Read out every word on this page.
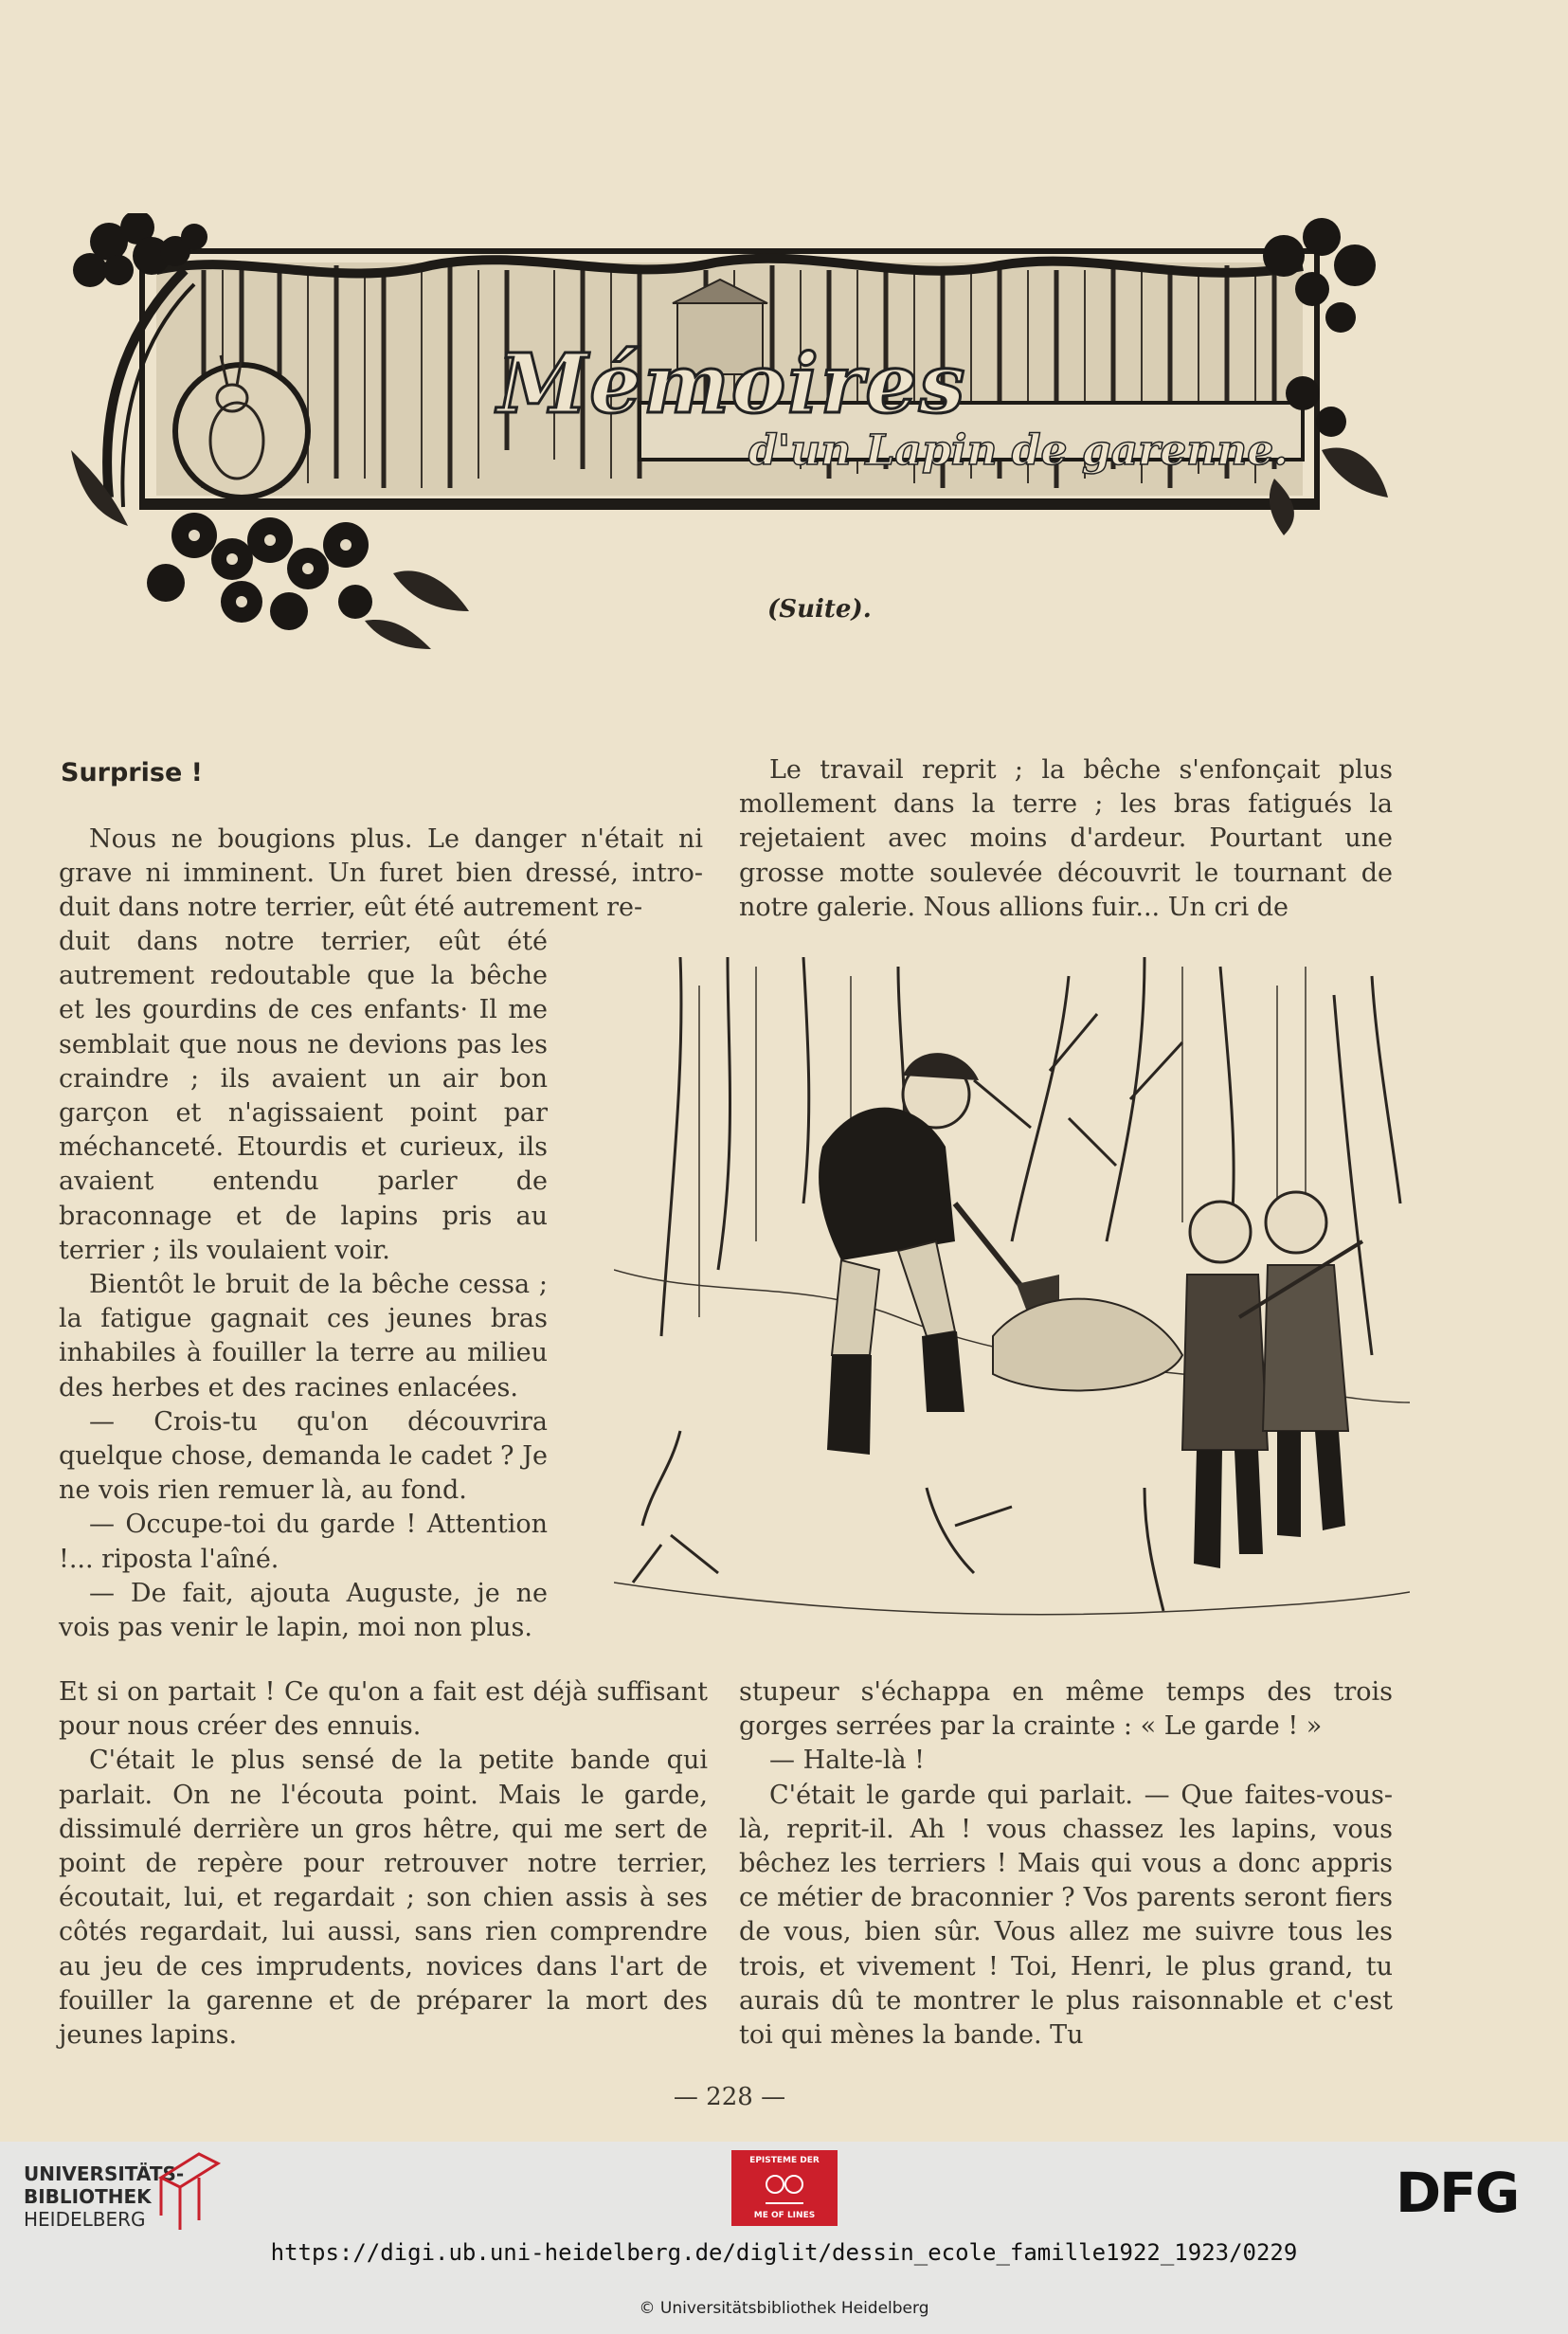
Mémoires
d'un Lapin de garenne.
(Suite).
Surprise !

Nous ne bougions plus. Le danger n'était ni grave ni imminent. Un furet bien dressé, intro-duit dans notre terrier, eût été autrement re-

duit dans notre terrier, eût été autrement redoutable que la bêche et les gourdins de ces enfants· Il me semblait que nous ne devions pas les craindre ; ils avaient un air bon garçon et n'agissaient point par méchanceté. Etourdis et curieux, ils avaient entendu parler de braconnage et de lapins pris au terrier ; ils voulaient voir.

Bientôt le bruit de la bêche cessa ; la fatigue gagnait ces jeunes bras inhabiles à fouiller la terre au milieu des herbes et des racines enlacées.

— Crois-tu qu'on découvrira quelque chose, demanda le cadet ? Je ne vois rien remuer là, au fond.

— Occupe-toi du garde ! Attention !... riposta l'aîné.

— De fait, ajouta Auguste, je ne vois pas venir le lapin, moi non plus.

Et si on partait ! Ce qu'on a fait est déjà suffisant pour nous créer des ennuis.

C'était le plus sensé de la petite bande qui parlait. On ne l'écouta point. Mais le garde, dissimulé derrière un gros hêtre, qui me sert de point de repère pour retrouver notre terrier, écoutait, lui, et regardait ; son chien assis à ses côtés regardait, lui aussi, sans rien comprendre au jeu de ces imprudents, novices dans l'art de fouiller la garenne et de préparer la mort des jeunes lapins.

Le travail reprit ; la bêche s'enfonçait plus mollement dans la terre ; les bras fatigués la rejetaient avec moins d'ardeur. Pourtant une grosse motte soulevée découvrit le tournant de notre galerie. Nous allions fuir... Un cri de

stupeur s'échappa en même temps des trois gorges serrées par la crainte : « Le garde ! »

— Halte-là !

C'était le garde qui parlait. — Que faites-vous-là, reprit-il. Ah ! vous chassez les lapins, vous bêchez les terriers ! Mais qui vous a donc appris ce métier de braconnier ? Vos parents seront fiers de vous, bien sûr. Vous allez me suivre tous les trois, et vivement ! Toi, Henri, le plus grand, tu aurais dû te montrer le plus raisonnable et c'est toi qui mènes la bande. Tu

— 228 —
UNIVERSITÄTS-
BIBLIOTHEK
HEIDELBERG
EPISTEME DER
ME OF LINES	DFG
https://digi.ub.uni-heidelberg.de/diglit/dessin_ecole_famille1922_1923/0229
© Universitätsbibliothek Heidelberg
